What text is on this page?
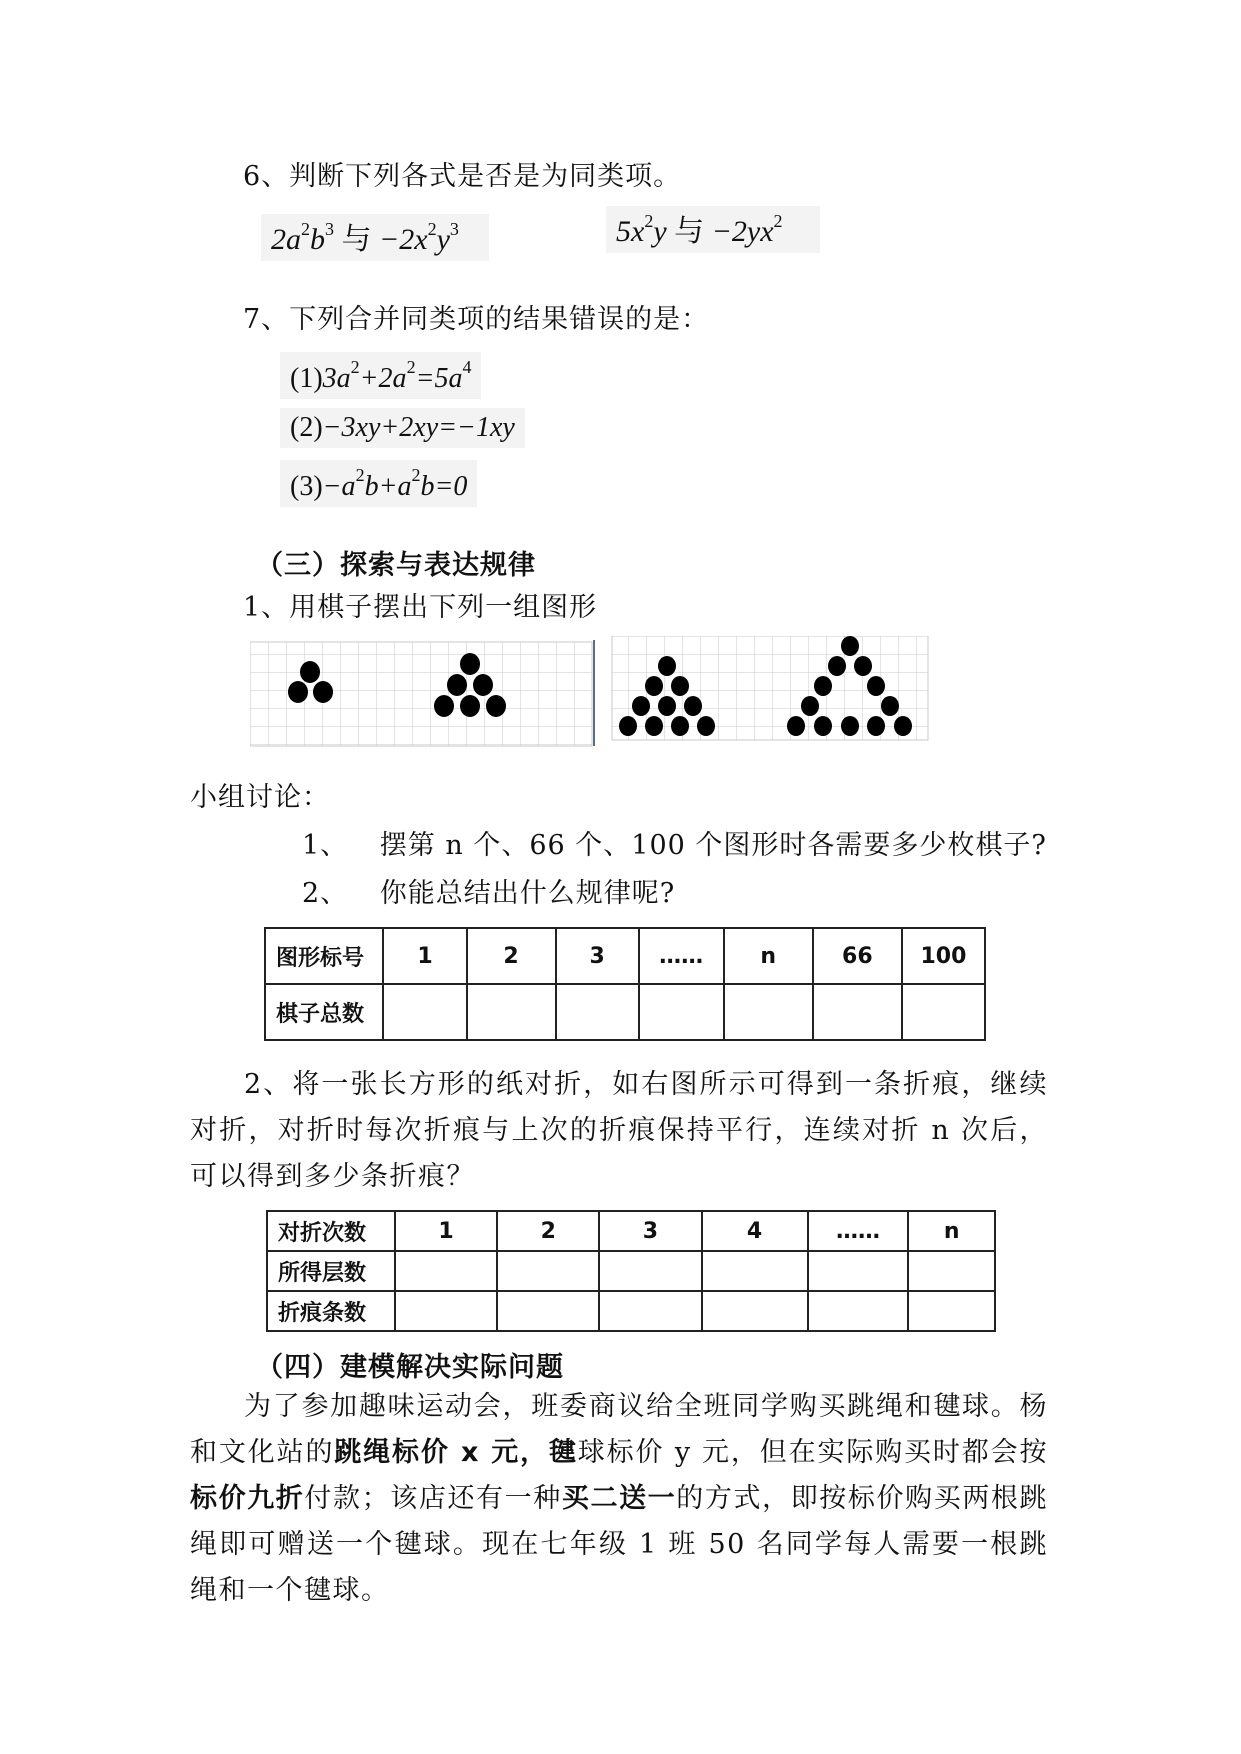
6、判断下列各式是否是为同类项。
$2a^2b^3$ 与 $-2x^2y^3$	$5x^2y$ 与 $-2yx^2$
7、下列合并同类项的结果错误的是：
$(1)3a^2+2a^2=5a^4$
(2)−3xy+2xy=−1xy
$(3)-a^2b+a^2b=0$
（三）探索与表达规律
1、用棋子摆出下列一组图形
小组讨论：
1、 摆第 n 个、66 个、100 个图形时各需要多少枚棋子?
2、 你能总结出什么规律呢?
图形标号	1	2	3	……	n	66	100
棋子总数							
2、将一张长方形的纸对折，如右图所示可得到一条折痕，继续对折，对折时每次折痕与上次的折痕保持平行，连续对折 n 次后，可以得到多少条折痕？
对折次数	1	2	3	4	……	n
所得层数						
折痕条数						
（四）建模解决实际问题
为了参加趣味运动会，班委商议给全班同学购买跳绳和毽球。杨和文化站的跳绳标价 x 元，毽球标价 y 元，但在实际购买时都会按标价九折付款；该店还有一种买二送一的方式，即按标价购买两根跳绳即可赠送一个毽球。现在七年级 1 班 50 名同学每人需要一根跳绳和一个毽球。
